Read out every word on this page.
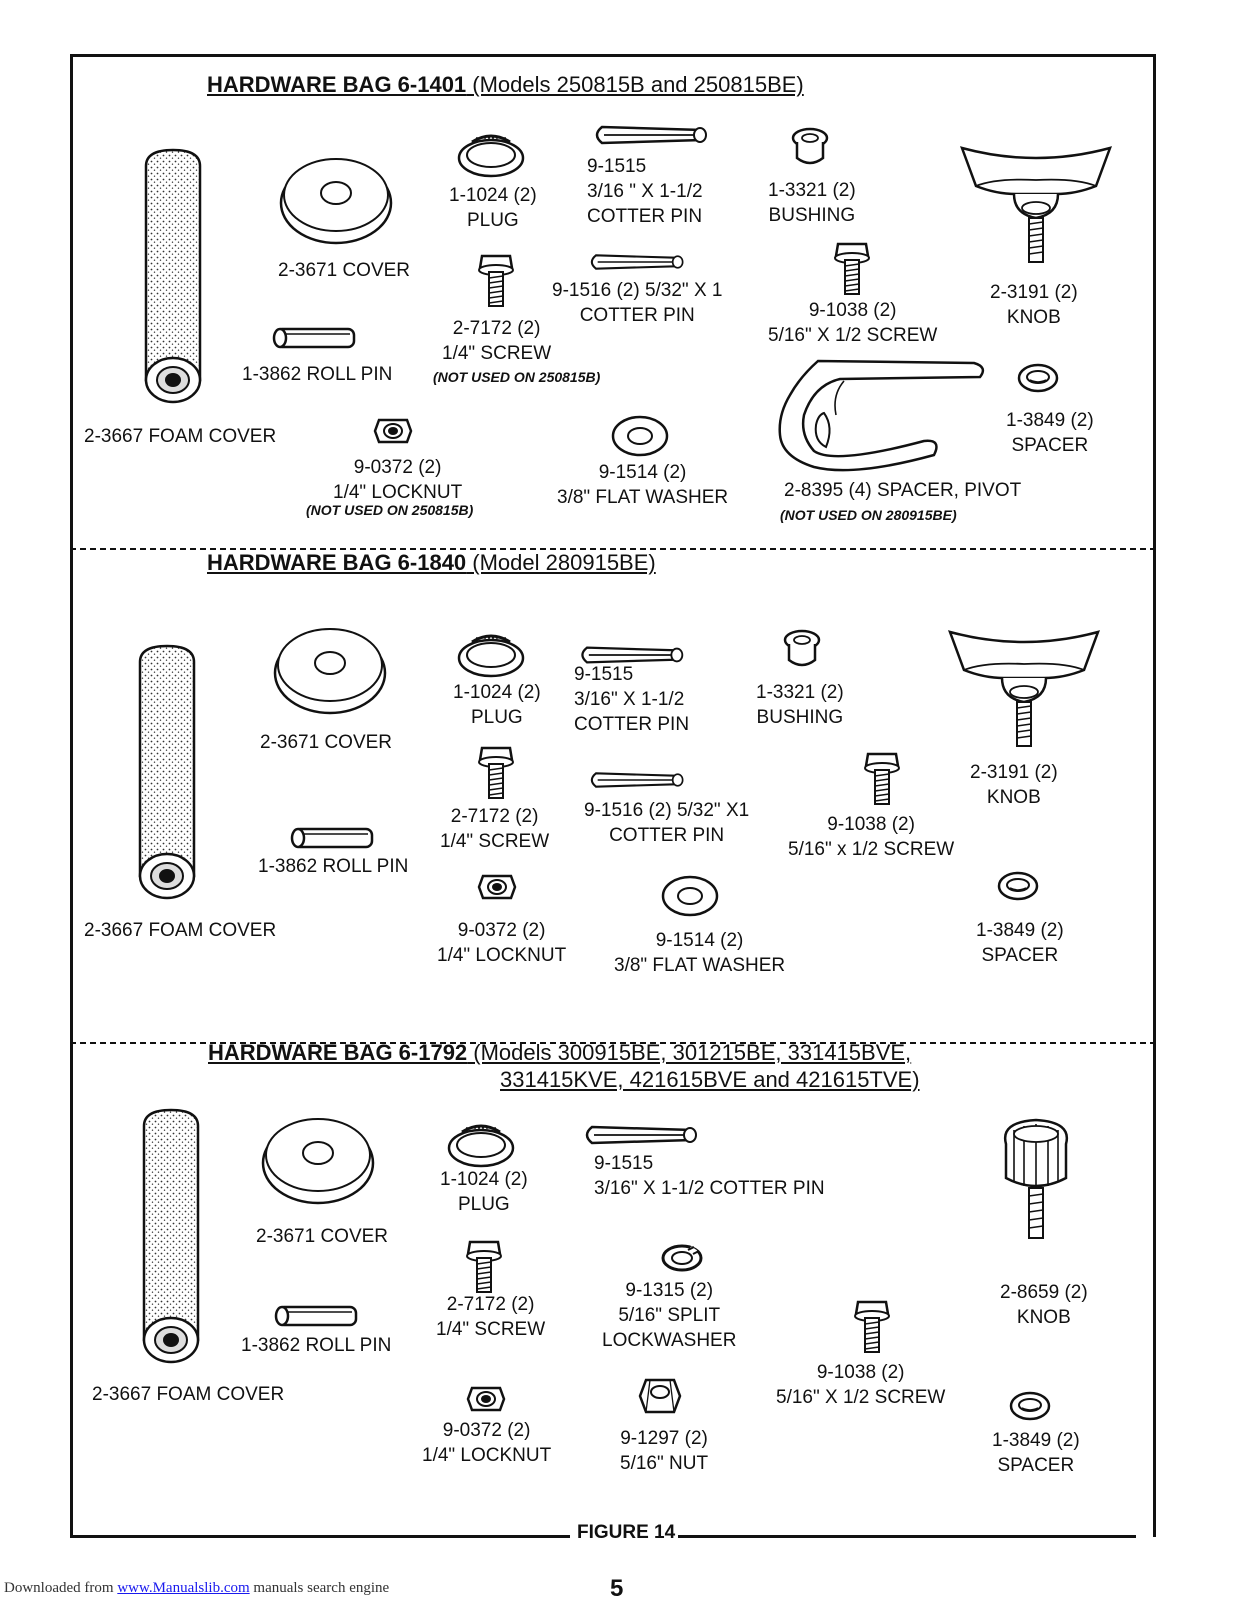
FIGURE 14
HARDWARE BAG 6-1401 (Models 250815B and 250815BE)
2-3667 FOAM COVER
2-3671 COVER
1-3862 ROLL PIN
1-1024 (2)
PLUG
2-7172 (2)
1/4" SCREW
(NOT USED ON 250815B)
9-0372 (2)
1/4" LOCKNUT
(NOT USED ON 250815B)
9-1515
3/16 " X 1-1/2
COTTER PIN
9-1516 (2) 5/32" X 1
COTTER PIN
9-1514 (2)
3/8" FLAT WASHER
1-3321 (2)
BUSHING
9-1038 (2)
5/16" X 1/2 SCREW
2-3191 (2)
KNOB
1-3849 (2)
SPACER
2-8395 (4) SPACER, PIVOT
(NOT USED ON 280915BE)
HARDWARE BAG 6-1840 (Model 280915BE)
2-3667 FOAM COVER
2-3671 COVER
1-3862 ROLL PIN
1-1024 (2)
PLUG
2-7172 (2)
1/4" SCREW
9-0372 (2)
1/4" LOCKNUT
9-1515
3/16" X 1-1/2
COTTER PIN
9-1516 (2) 5/32" X1
COTTER PIN
9-1514 (2)
3/8" FLAT WASHER
1-3321 (2)
BUSHING
9-1038 (2)
5/16" x 1/2 SCREW
2-3191 (2)
KNOB
1-3849 (2)
SPACER
HARDWARE BAG 6-1792 (Models 300915BE, 301215BE, 331415BVE,
331415KVE, 421615BVE and 421615TVE)
2-3667 FOAM COVER
2-3671 COVER
1-3862 ROLL PIN
1-1024 (2)
PLUG
2-7172 (2)
1/4" SCREW
9-0372 (2)
1/4" LOCKNUT
9-1515
3/16" X 1-1/2 COTTER PIN
9-1315 (2)
5/16" SPLIT
LOCKWASHER
9-1297 (2)
5/16" NUT
9-1038 (2)
5/16" X 1/2 SCREW
2-8659 (2)
KNOB
1-3849 (2)
SPACER
5
Downloaded from www.Manualslib.com manuals search engine
